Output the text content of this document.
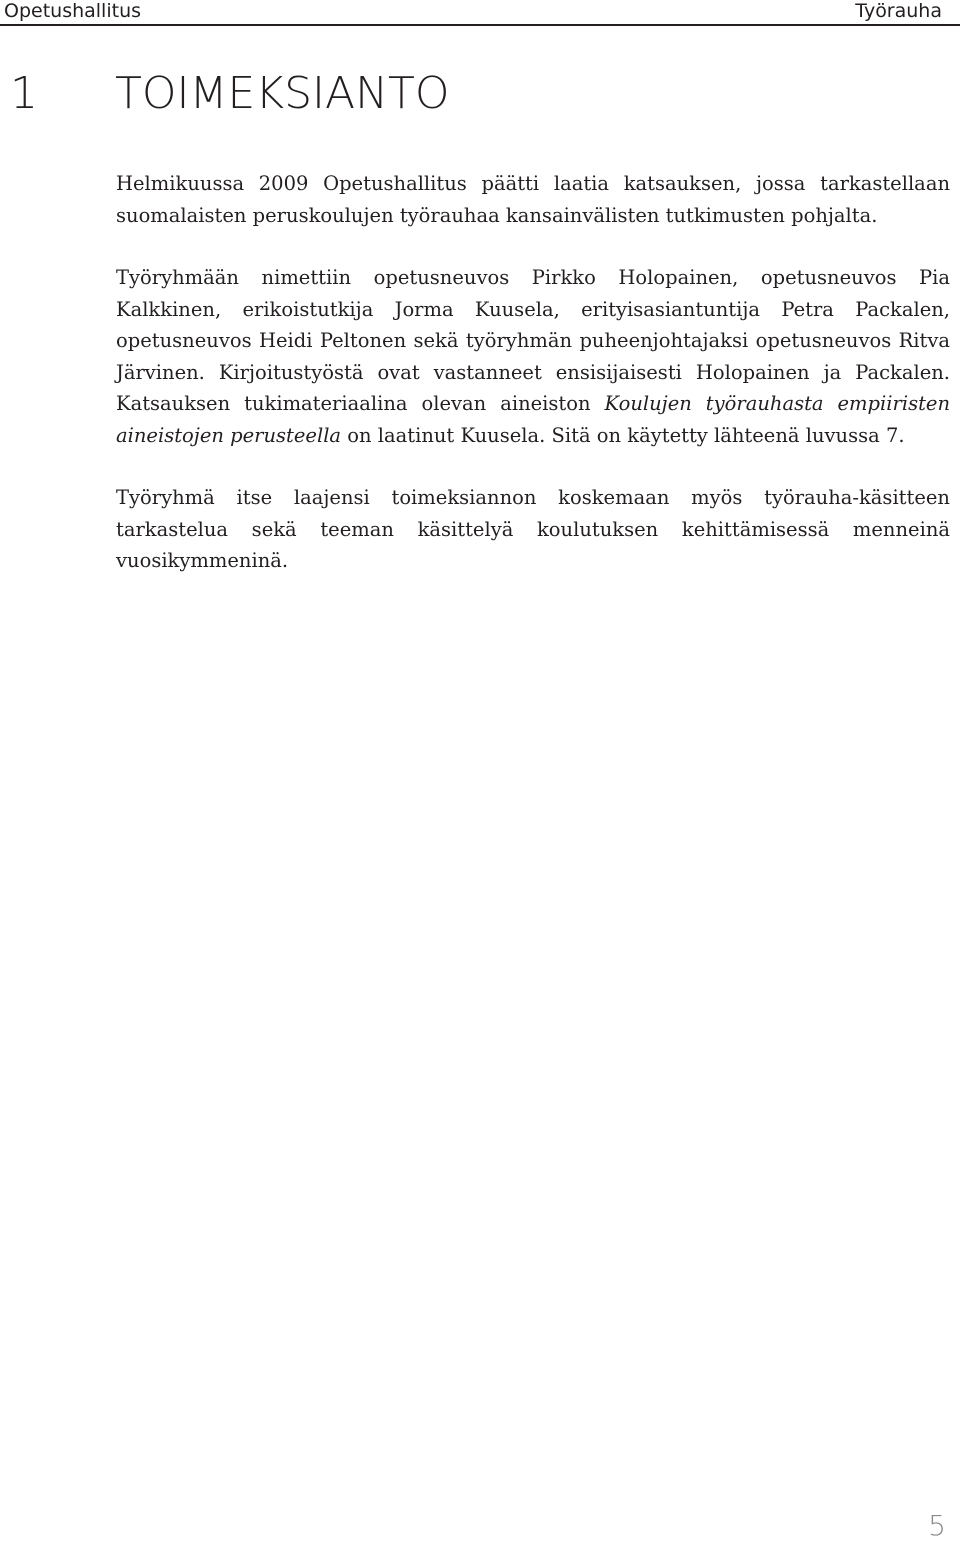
Opetushallitus	Työrauha
1 TOIMEKSIANTO

Helmikuussa 2009 Opetushallitus päätti laatia katsauksen, jossa tarkastellaan suomalaisten peruskoulujen työrauhaa kansainvälisten tutkimusten pohjalta.

Työryhmään nimettiin opetusneuvos Pirkko Holopainen, opetusneuvos Pia Kalkkinen, erikoistutkija Jorma Kuusela, erityisasiantuntija Petra Packalen, opetusneuvos Heidi Peltonen sekä työryhmän puheenjohtajaksi opetusneuvos Ritva Järvinen. Kirjoitustyöstä ovat vastanneet ensisijaisesti Holopainen ja Packalen. Katsauksen tukimateriaalina olevan aineiston Koulujen työrauhasta empiiristen aineistojen perusteella on laatinut Kuusela. Sitä on käytetty lähteenä luvussa 7.

Työryhmä itse laajensi toimeksiannon koskemaan myös työrauha-käsitteen tarkastelua sekä teeman käsittelyä koulutuksen kehittämisessä menneinä vuosikymmeninä.

5
